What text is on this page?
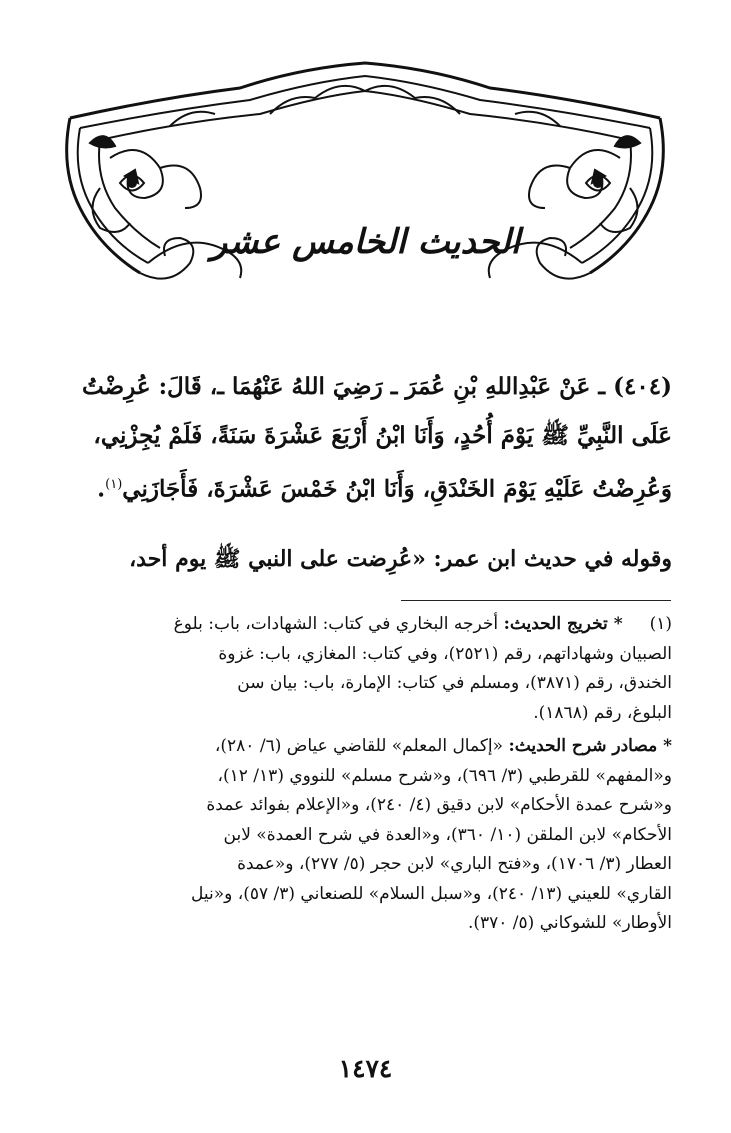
الحديث الخامس عشر
(٤٠٤) ـ عَنْ عَبْدِاللهِ بْنِ عُمَرَ ـ رَضِيَ اللهُ عَنْهُمَا ـ، قَالَ: عُرِضْتُ
عَلَى النَّبِيِّ ﷺ يَوْمَ أُحُدٍ، وَأَنَا ابْنُ أَرْبَعَ عَشْرَةَ سَنَةً، فَلَمْ يُجِزْنِي،
وَعُرِضْتُ عَلَيْهِ يَوْمَ الخَنْدَقِ، وَأَنَا ابْنُ خَمْسَ عَشْرَةَ، فَأَجَازَنِي$^{(١)}$.
وقوله في حديث ابن عمر: «عُرِضت على النبي ﷺ يوم أحد،
(١) * تخريج الحديث: أخرجه البخاري في كتاب: الشهادات، باب: بلوغ
الصبيان وشهاداتهم، رقم (٢٥٢١)، وفي كتاب: المغازي، باب: غزوة
الخندق، رقم (٣٨٧١)، ومسلم في كتاب: الإمارة، باب: بيان سن
البلوغ، رقم (١٨٦٨).
* مصادر شرح الحديث: «إكمال المعلم» للقاضي عياض (٦/ ٢٨٠)،
و«المفهم» للقرطبي (٣/ ٦٩٦)، و«شرح مسلم» للنووي (١٣/ ١٢)،
و«شرح عمدة الأحكام» لابن دقيق (٤/ ٢٤٠)، و«الإعلام بفوائد عمدة
الأحكام» لابن الملقن (١٠/ ٣٦٠)، و«العدة في شرح العمدة» لابن
العطار (٣/ ١٧٠٦)، و«فتح الباري» لابن حجر (٥/ ٢٧٧)، و«عمدة
القاري» للعيني (١٣/ ٢٤٠)، و«سبل السلام» للصنعاني (٣/ ٥٧)، و«نيل
الأوطار» للشوكاني (٥/ ٣٧٠).
١٤٧٤
